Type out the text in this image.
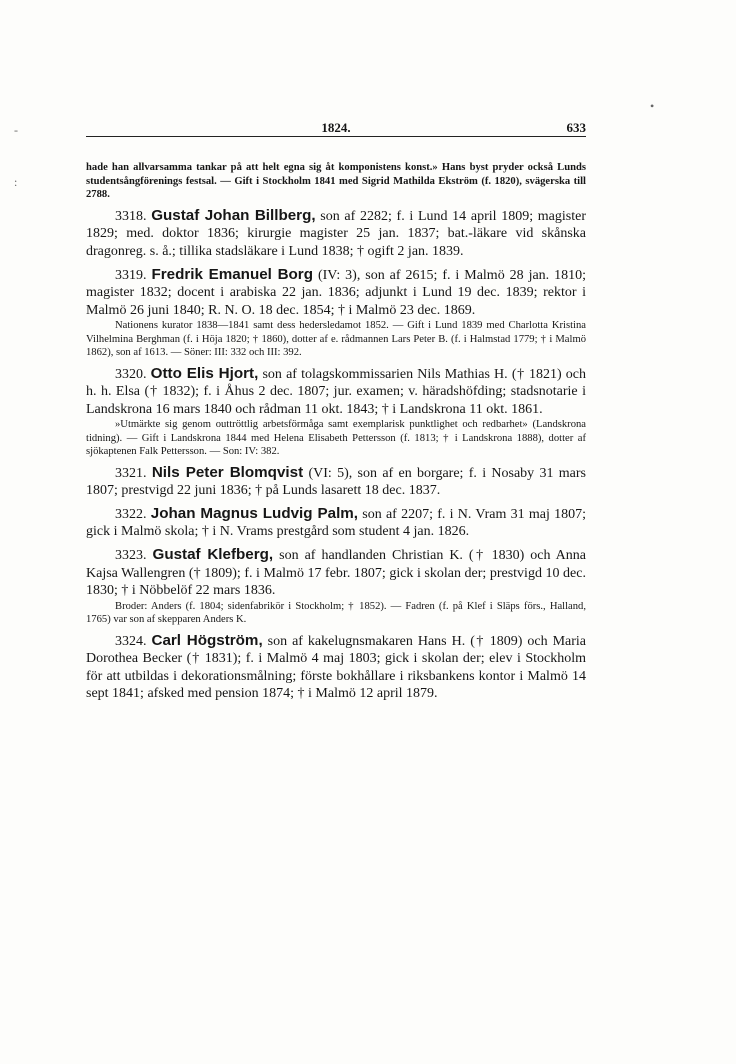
-
:
•
1824.	633

hade han allvarsamma tankar på att helt egna sig åt komponistens konst.» Hans byst pryder också Lunds studentsångförenings festsal. — Gift i Stockholm 1841 med Sigrid Mathilda Ekström (f. 1820), svägerska till 2788.

3318. Gustaf Johan Billberg, son af 2282; f. i Lund 14 april 1809; magister 1829; med. doktor 1836; kirurgie magister 25 jan. 1837; bat.-läkare vid skånska dragonreg. s. å.; tillika stadsläkare i Lund 1838; † ogift 2 jan. 1839.

3319. Fredrik Emanuel Borg (IV: 3), son af 2615; f. i Malmö 28 jan. 1810; magister 1832; docent i arabiska 22 jan. 1836; adjunkt i Lund 19 dec. 1839; rektor i Malmö 26 juni 1840; R. N. O. 18 dec. 1854; † i Malmö 23 dec. 1869.

Nationens kurator 1838—1841 samt dess hedersledamot 1852. — Gift i Lund 1839 med Charlotta Kristina Vilhelmina Berghman (f. i Höja 1820; † 1860), dotter af e. rådmannen Lars Peter B. (f. i Halmstad 1779; † i Malmö 1862), son af 1613. — Söner: III: 332 och III: 392.

3320. Otto Elis Hjort, son af tolagskommissarien Nils Mathias H. († 1821) och h. h. Elsa († 1832); f. i Åhus 2 dec. 1807; jur. examen; v. häradshöfding; stadsnotarie i Landskrona 16 mars 1840 och rådman 11 okt. 1843; † i Landskrona 11 okt. 1861.

»Utmärkte sig genom outtröttlig arbetsförmåga samt exemplarisk punktlighet och redbarhet» (Landskrona tidning). — Gift i Landskrona 1844 med Helena Elisabeth Pettersson (f. 1813; † i Landskrona 1888), dotter af sjökaptenen Falk Pettersson. — Son: IV: 382.

3321. Nils Peter Blomqvist (VI: 5), son af en borgare; f. i Nosaby 31 mars 1807; prestvigd 22 juni 1836; † på Lunds lasarett 18 dec. 1837.

3322. Johan Magnus Ludvig Palm, son af 2207; f. i N. Vram 31 maj 1807; gick i Malmö skola; † i N. Vrams prestgård som student 4 jan. 1826.

3323. Gustaf Klefberg, son af handlanden Christian K. († 1830) och Anna Kajsa Wallengren († 1809); f. i Malmö 17 febr. 1807; gick i skolan der; prestvigd 10 dec. 1830; † i Nöbbelöf 22 mars 1836.

Broder: Anders (f. 1804; sidenfabrikör i Stockholm; † 1852). — Fadren (f. på Klef i Släps förs., Halland, 1765) var son af skepparen Anders K.

3324. Carl Högström, son af kakelugnsmakaren Hans H. († 1809) och Maria Dorothea Becker († 1831); f. i Malmö 4 maj 1803; gick i skolan der; elev i Stockholm för att utbildas i dekorationsmålning; förste bokhållare i riksbankens kontor i Malmö 14 sept 1841; afsked med pension 1874; † i Malmö 12 april 1879.
